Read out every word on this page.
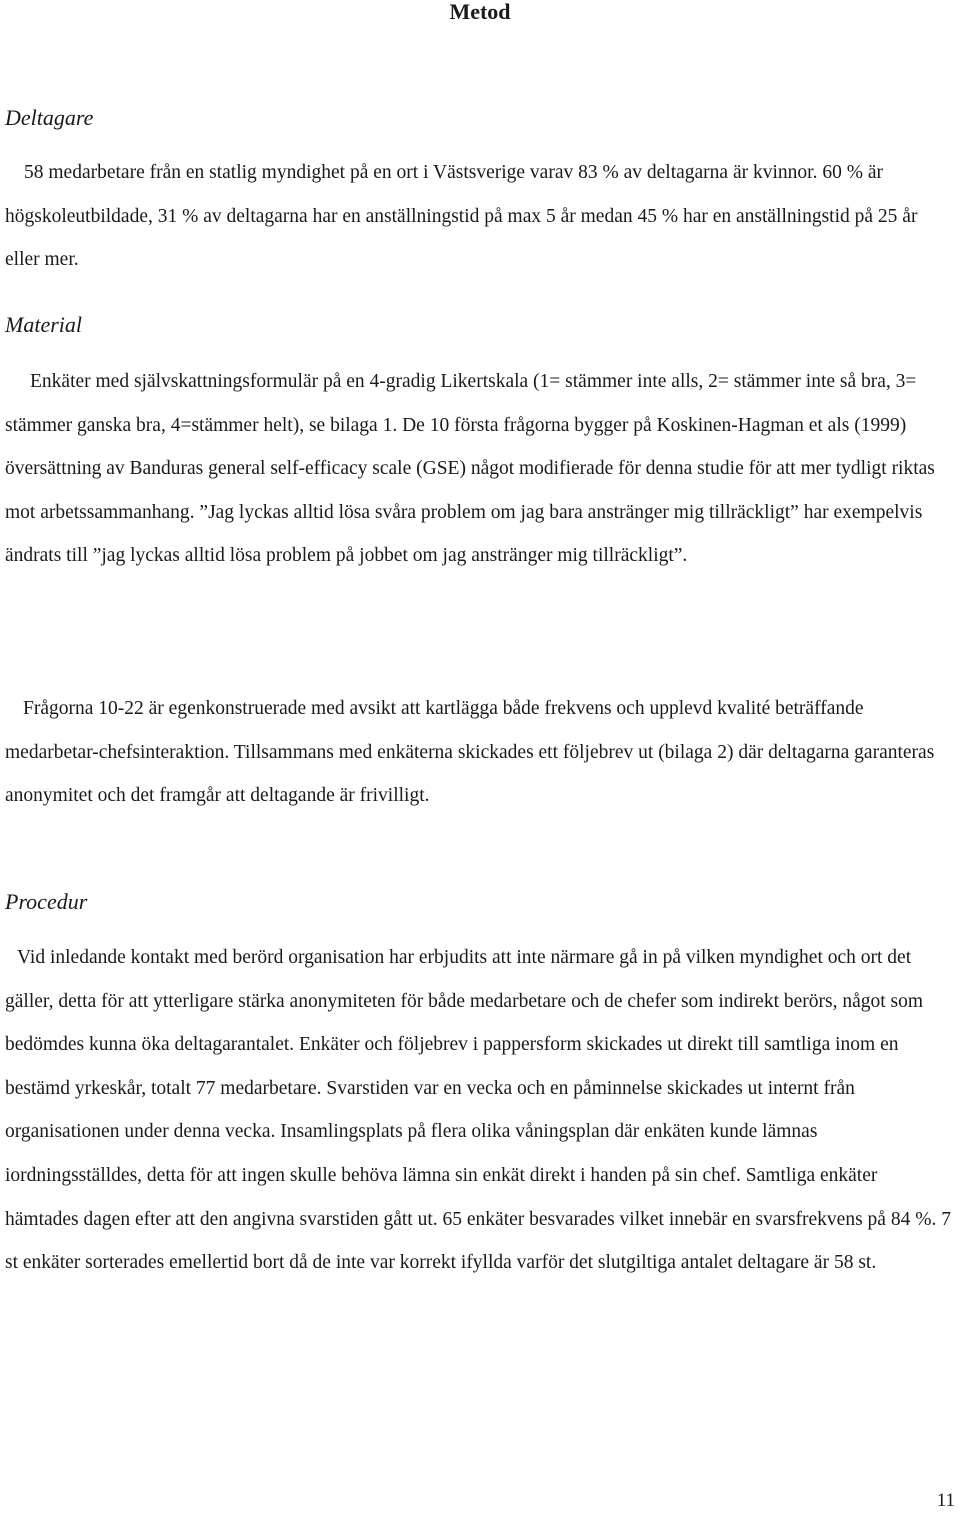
Metod
Deltagare

58 medarbetare från en statlig myndighet på en ort i Västsverige varav 83 % av deltagarna är kvinnor. 60 % är högskoleutbildade, 31 % av deltagarna har en anställningstid på max 5 år medan 45 % har en anställningstid på 25 år eller mer.

Material

Enkäter med självskattningsformulär på en 4-gradig Likertskala (1= stämmer inte alls, 2= stämmer inte så bra, 3= stämmer ganska bra, 4=stämmer helt), se bilaga 1. De 10 första frågorna bygger på Koskinen-Hagman et als (1999) översättning av Banduras general self-efficacy scale (GSE) något modifierade för denna studie för att mer tydligt riktas mot arbetssammanhang. ”Jag lyckas alltid lösa svåra problem om jag bara anstränger mig tillräckligt” har exempelvis ändrats till ”jag lyckas alltid lösa problem på jobbet om jag anstränger mig tillräckligt”.

Frågorna 10-22 är egenkonstruerade med avsikt att kartlägga både frekvens och upplevd kvalité beträffande medarbetar-chefsinteraktion. Tillsammans med enkäterna skickades ett följebrev ut (bilaga 2) där deltagarna garanteras anonymitet och det framgår att deltagande är frivilligt.

Procedur

Vid inledande kontakt med berörd organisation har erbjudits att inte närmare gå in på vilken myndighet och ort det gäller, detta för att ytterligare stärka anonymiteten för både medarbetare och de chefer som indirekt berörs, något som bedömdes kunna öka deltagarantalet. Enkäter och följebrev i pappersform skickades ut direkt till samtliga inom en bestämd yrkeskår, totalt 77 medarbetare. Svarstiden var en vecka och en påminnelse skickades ut internt från organisationen under denna vecka. Insamlingsplats på flera olika våningsplan där enkäten kunde lämnas iordningsställdes, detta för att ingen skulle behöva lämna sin enkät direkt i handen på sin chef. Samtliga enkäter hämtades dagen efter att den angivna svarstiden gått ut. 65 enkäter besvarades vilket innebär en svarsfrekvens på 84 %. 7 st enkäter sorterades emellertid bort då de inte var korrekt ifyllda varför det slutgiltiga antalet deltagare är 58 st.

11
